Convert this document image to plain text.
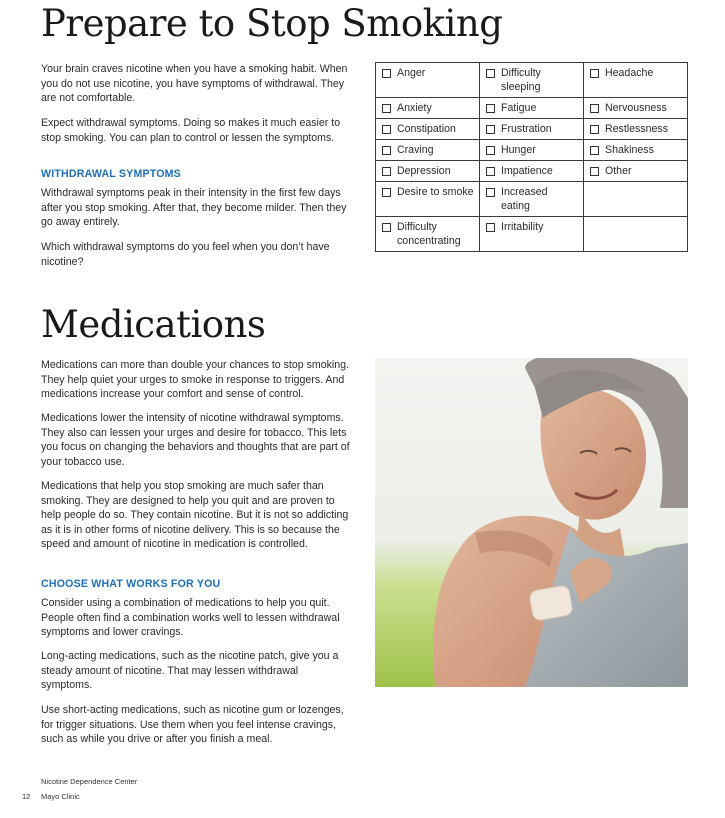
Prepare to Stop Smoking

Your brain craves nicotine when you have a smoking habit. When you do not use nicotine, you have symptoms of withdrawal. They are not comfortable.

Expect withdrawal symptoms. Doing so makes it much easier to stop smoking. You can plan to control or lessen the symptoms.

WITHDRAWAL SYMPTOMS

Withdrawal symptoms peak in their intensity in the first few days after you stop smoking. After that, they become milder. Then they go away entirely.

Which withdrawal symptoms do you feel when you don’t have nicotine?

Anger	Difficulty sleeping	Headache

Anxiety	Fatigue	Nervousness

Constipation	Frustration	Restlessness

Craving	Hunger	Shakiness

Depression	Impatience	Other

Desire to smoke	Increased eating	

Difficulty concentrating	Irritability	

Medications

Medications can more than double your chances to stop smoking. They help quiet your urges to smoke in response to triggers. And medications increase your comfort and sense of control.

Medications lower the intensity of nicotine withdrawal symptoms. They also can lessen your urges and desire for tobacco. This lets you focus on changing the behaviors and thoughts that are part of your tobacco use.

Medications that help you stop smoking are much safer than smoking. They are designed to help you quit and are proven to help people do so. They contain nicotine. But it is not so addicting as it is in other forms of nicotine delivery. This is so because the speed and amount of nicotine in medication is controlled.

CHOOSE WHAT WORKS FOR YOU

Consider using a combination of medications to help you quit. People often find a combination works well to lessen withdrawal symptoms and lower cravings.

Long-acting medications, such as the nicotine patch, give you a steady amount of nicotine. That may lessen withdrawal symptoms.

Use short-acting medications, such as nicotine gum or lozenges, for trigger situations. Use them when you feel intense cravings, such as while you drive or after you finish a meal.

Nicotine Dependence Center

12 Mayo Clinic
